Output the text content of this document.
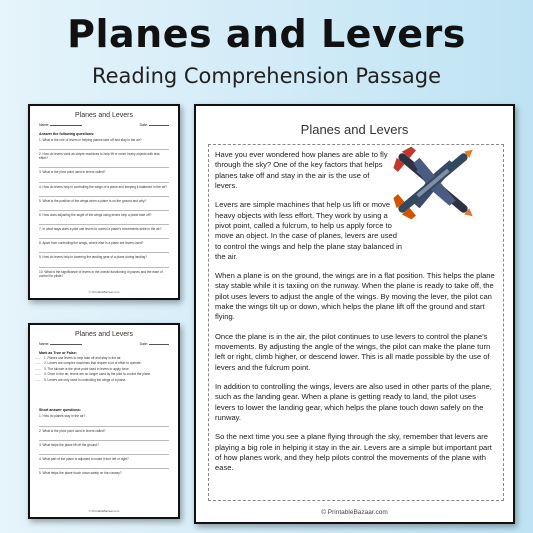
Planes and Levers
Reading Comprehension Passage
Planes and Levers
Name:	Date:
Answer the following questions:
1. What is the role of levers in helping planes take off and stay in the air?
2. How do levers work as simple machines to help lift or move heavy objects with less effort?
3. What is the pivot point used in levers called?
4. How do levers help in controlling the wings of a plane and keeping it balanced in the air?
5. What is the position of the wings when a plane is on the ground and why?
6. How does adjusting the angle of the wings using levers help a plane take off?
7. In what ways does a pilot use levers to control a plane's movements while in the air?
8. Apart from controlling the wings, where else in a plane are levers used?
9. How do levers help in lowering the landing gear of a plane during landing?
10. What is the significance of levers in the overall functioning of planes and the ease of control for pilots?
© PrintableBazaar.com
Planes and Levers
Name:	Date:
Mark as True or False:
____ 1. Planes use levers to help take off and stay in the air.
____ 2. Levers are complex machines that require a lot of effort to operate.
____ 3. The fulcrum is the pivot point used in levers to apply force.
____ 4. Once in the air, levers are no longer used by the pilot to control the plane.
____ 5. Levers are only used in controlling the wings of a plane.
Short answer questions:
1. How do planes stay in the air?
2. What is the pivot point used in levers called?
3. What helps the plane lift off the ground?
4. What part of the plane is adjusted to make it turn left or right?
5. What helps the plane touch down safely on the runway?
© PrintableBazaar.com
Planes and Levers

Have you ever wondered how planes are able to fly through the sky? One of the key factors that helps planes take off and stay in the air is the use of levers.

Levers are simple machines that help us lift or move heavy objects with less effort. They work by using a pivot point, called a fulcrum, to help us apply force to move an object. In the case of planes, levers are used to control the wings and help the plane stay balanced in the air.

When a plane is on the ground, the wings are in a flat position. This helps the plane stay stable while it is taxiing on the runway. When the plane is ready to take off, the pilot uses levers to adjust the angle of the wings. By moving the lever, the pilot can make the wings tilt up or down, which helps the plane lift off the ground and start flying.

Once the plane is in the air, the pilot continues to use levers to control the plane's movements. By adjusting the angle of the wings, the pilot can make the plane turn left or right, climb higher, or descend lower. This is all made possible by the use of levers and the fulcrum point.

In addition to controlling the wings, levers are also used in other parts of the plane, such as the landing gear. When a plane is getting ready to land, the pilot uses levers to lower the landing gear, which helps the plane touch down safely on the runway.

So the next time you see a plane flying through the sky, remember that levers are playing a big role in helping it stay in the air. Levers are a simple but important part of how planes work, and they help pilots control the movements of the plane with ease.

© PrintableBazaar.com
